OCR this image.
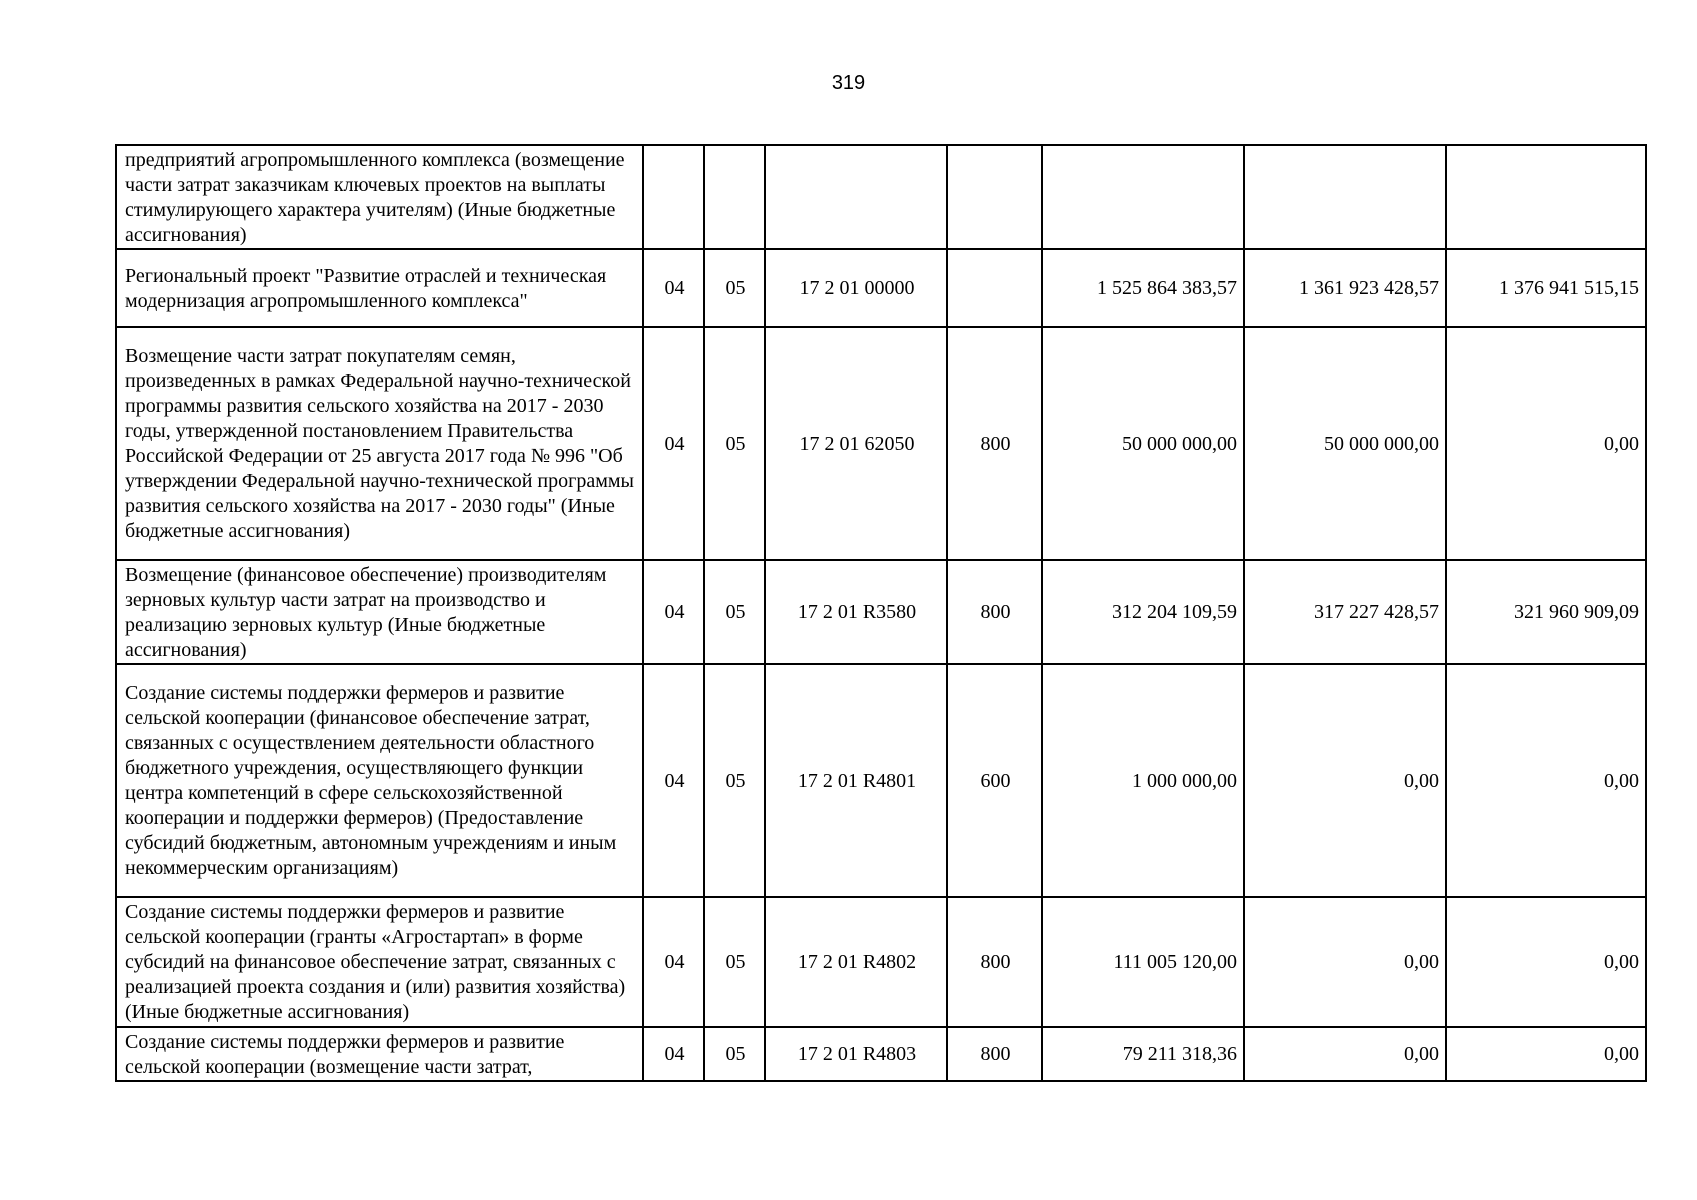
319
предприятий агропромышленного комплекса (возмещение части затрат заказчикам ключевых проектов на выплаты стимулирующего характера учителям) (Иные бюджетные ассигнования)							
Региональный проект "Развитие отраслей и техническая модернизация агропромышленного комплекса"	04	05	17 2 01 00000		1 525 864 383,57	1 361 923 428,57	1 376 941 515,15
Возмещение части затрат покупателям семян, произведенных в рамках Федеральной научно-технической программы развития сельского хозяйства на 2017 - 2030 годы, утвержденной постановлением Правительства Российской Федерации от 25 августа 2017 года № 996 "Об утверждении Федеральной научно-технической программы развития сельского хозяйства на 2017 - 2030 годы" (Иные бюджетные ассигнования)	04	05	17 2 01 62050	800	50 000 000,00	50 000 000,00	0,00
Возмещение (финансовое обеспечение) производителям зерновых культур части затрат на производство и реализацию зерновых культур (Иные бюджетные ассигнования)	04	05	17 2 01 R3580	800	312 204 109,59	317 227 428,57	321 960 909,09
Создание системы поддержки фермеров и развитие сельской кооперации (финансовое обеспечение затрат, связанных с осуществлением деятельности областного бюджетного учреждения, осуществляющего функции центра компетенций в сфере сельскохозяйственной кооперации и поддержки фермеров) (Предоставление субсидий бюджетным, автономным учреждениям и иным некоммерческим организациям)	04	05	17 2 01 R4801	600	1 000 000,00	0,00	0,00
Создание системы поддержки фермеров и развитие сельской кооперации (гранты «Агростартап» в форме субсидий на финансовое обеспечение затрат, связанных с реализацией проекта создания и (или) развития хозяйства) (Иные бюджетные ассигнования)	04	05	17 2 01 R4802	800	111 005 120,00	0,00	0,00
Создание системы поддержки фермеров и развитие сельской кооперации (возмещение части затрат,	04	05	17 2 01 R4803	800	79 211 318,36	0,00	0,00
